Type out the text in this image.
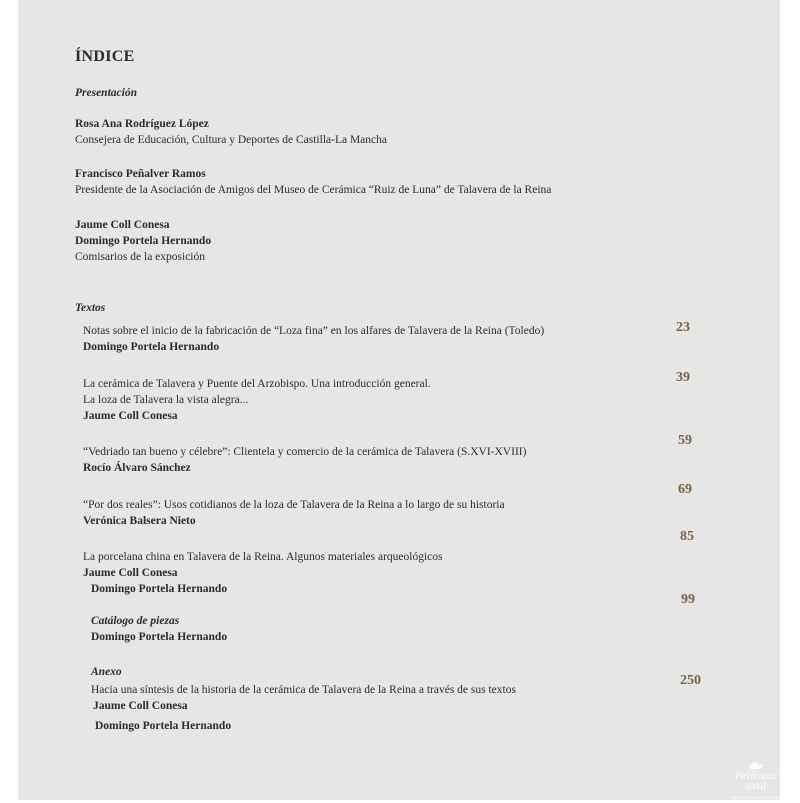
ÍNDICE
Presentación
Rosa Ana Rodríguez López
Consejera de Educación, Cultura y Deportes de Castilla-La Mancha
Francisco Peñalver Ramos
Presidente de la Asociación de Amigos del Museo de Cerámica “Ruiz de Luna” de Talavera de la Reina
Jaume Coll Conesa
Domingo Portela Hernando
Comisarios de la exposición
Textos
Notas sobre el inicio de la fabricación de “Loza fina” en los alfares de Talavera de la Reina (Toledo)
Domingo Portela Hernando
23
La cerámica de Talavera y Puente del Arzobispo. Una introducción general.
La loza de Talavera la vista alegra...
Jaume Coll Conesa
39
“Vedriado tan bueno y célebre”: Clientela y comercio de la cerámica de Talavera (S.XVI-XVIII)
Rocío Álvaro Sánchez
59
“Por dos reales”: Usos cotidianos de la loza de Talavera de la Reina a lo largo de su historia
Verónica Balsera Nieto
69
La porcelana china en Talavera de la Reina. Algunos materiales arqueológicos
Jaume Coll Conesa
Domingo Portela Hernando
85
Catálogo de piezas
Domingo Portela Hernando
99
Anexo
Hacia una síntesis de la historia de la cerámica de Talavera de la Reina a través de sus textos
Jaume Coll Conesa
Domingo Portela Hernando
250
Pelícano azul
elpelicanoazul.com
